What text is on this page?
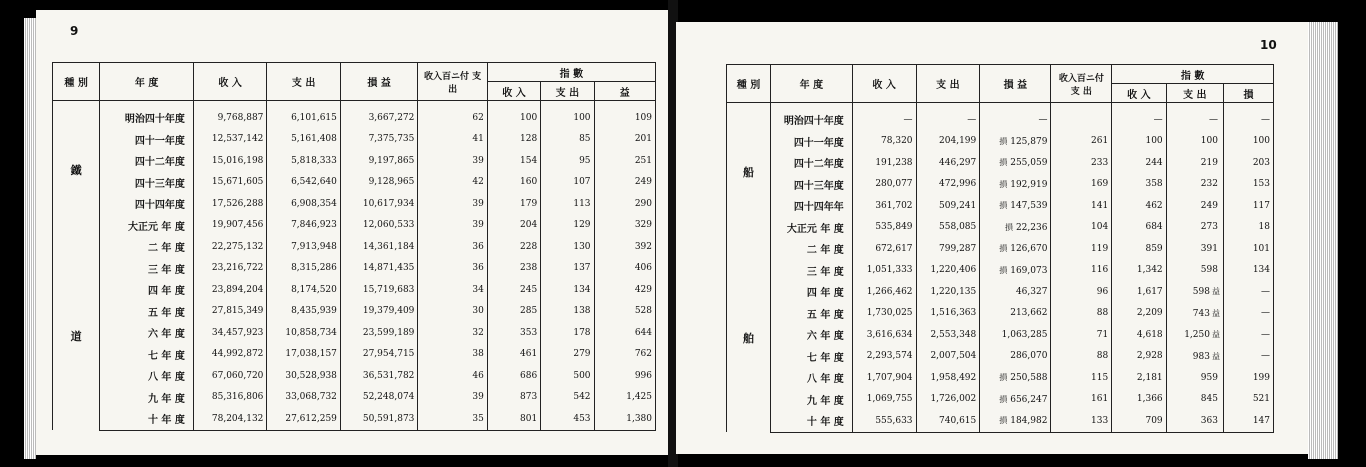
9
種 別	年 度	收 入	支 出	損 益	收入百ニ付 支 出	指 數		
						收 入	支 出	益

鐵
道	明治四十年度	9,768,887	6,101,615	3,667,272	62	100	100	109
	四十一年度	12,537,142	5,161,408	7,375,735	41	128	85	201
	四十二年度	15,016,198	5,818,333	9,197,865	39	154	95	251
	四十三年度	15,671,605	6,542,640	9,128,965	42	160	107	249
	四十四年度	17,526,288	6,908,354	10,617,934	39	179	113	290
	大正元 年 度	19,907,456	7,846,923	12,060,533	39	204	129	329
	二 年 度	22,275,132	7,913,948	14,361,184	36	228	130	392
	三 年 度	23,216,722	8,315,286	14,871,435	36	238	137	406
	四 年 度	23,894,204	8,174,520	15,719,683	34	245	134	429
	五 年 度	27,815,349	8,435,939	19,379,409	30	285	138	528
	六 年 度	34,457,923	10,858,734	23,599,189	32	353	178	644
	七 年 度	44,992,872	17,038,157	27,954,715	38	461	279	762
	八 年 度	67,060,720	30,528,938	36,531,782	46	686	500	996
	九 年 度	85,316,806	33,068,732	52,248,074	39	873	542	1,425
	十 年 度	78,204,132	27,612,259	50,591,873	35	801	453	1,380
10
種 別	年 度	收 入	支 出	損 益	收入百ニ付 支 出	指 數		
						收 入	支 出	損

船
舶	明治四十年度	—	—	—		—	—	—
	四十一年度	78,320	204,199	損 125,879	261	100	100	100
	四十二年度	191,238	446,297	損 255,059	233	244	219	203
	四十三年度	280,077	472,996	損 192,919	169	358	232	153
	四十四年年	361,702	509,241	損 147,539	141	462	249	117
	大正元 年 度	535,849	558,085	損 22,236	104	684	273	18
	二 年 度	672,617	799,287	損 126,670	119	859	391	101
	三 年 度	1,051,333	1,220,406	損 169,073	116	1,342	598	134
	四 年 度	1,266,462	1,220,135	46,327	96	1,617	598 益	—
	五 年 度	1,730,025	1,516,363	213,662	88	2,209	743 益	—
	六 年 度	3,616,634	2,553,348	1,063,285	71	4,618	1,250 益	—
	七 年 度	2,293,574	2,007,504	286,070	88	2,928	983 益	—
	八 年 度	1,707,904	1,958,492	損 250,588	115	2,181	959	199
	九 年 度	1,069,755	1,726,002	損 656,247	161	1,366	845	521
	十 年 度	555,633	740,615	損 184,982	133	709	363	147
